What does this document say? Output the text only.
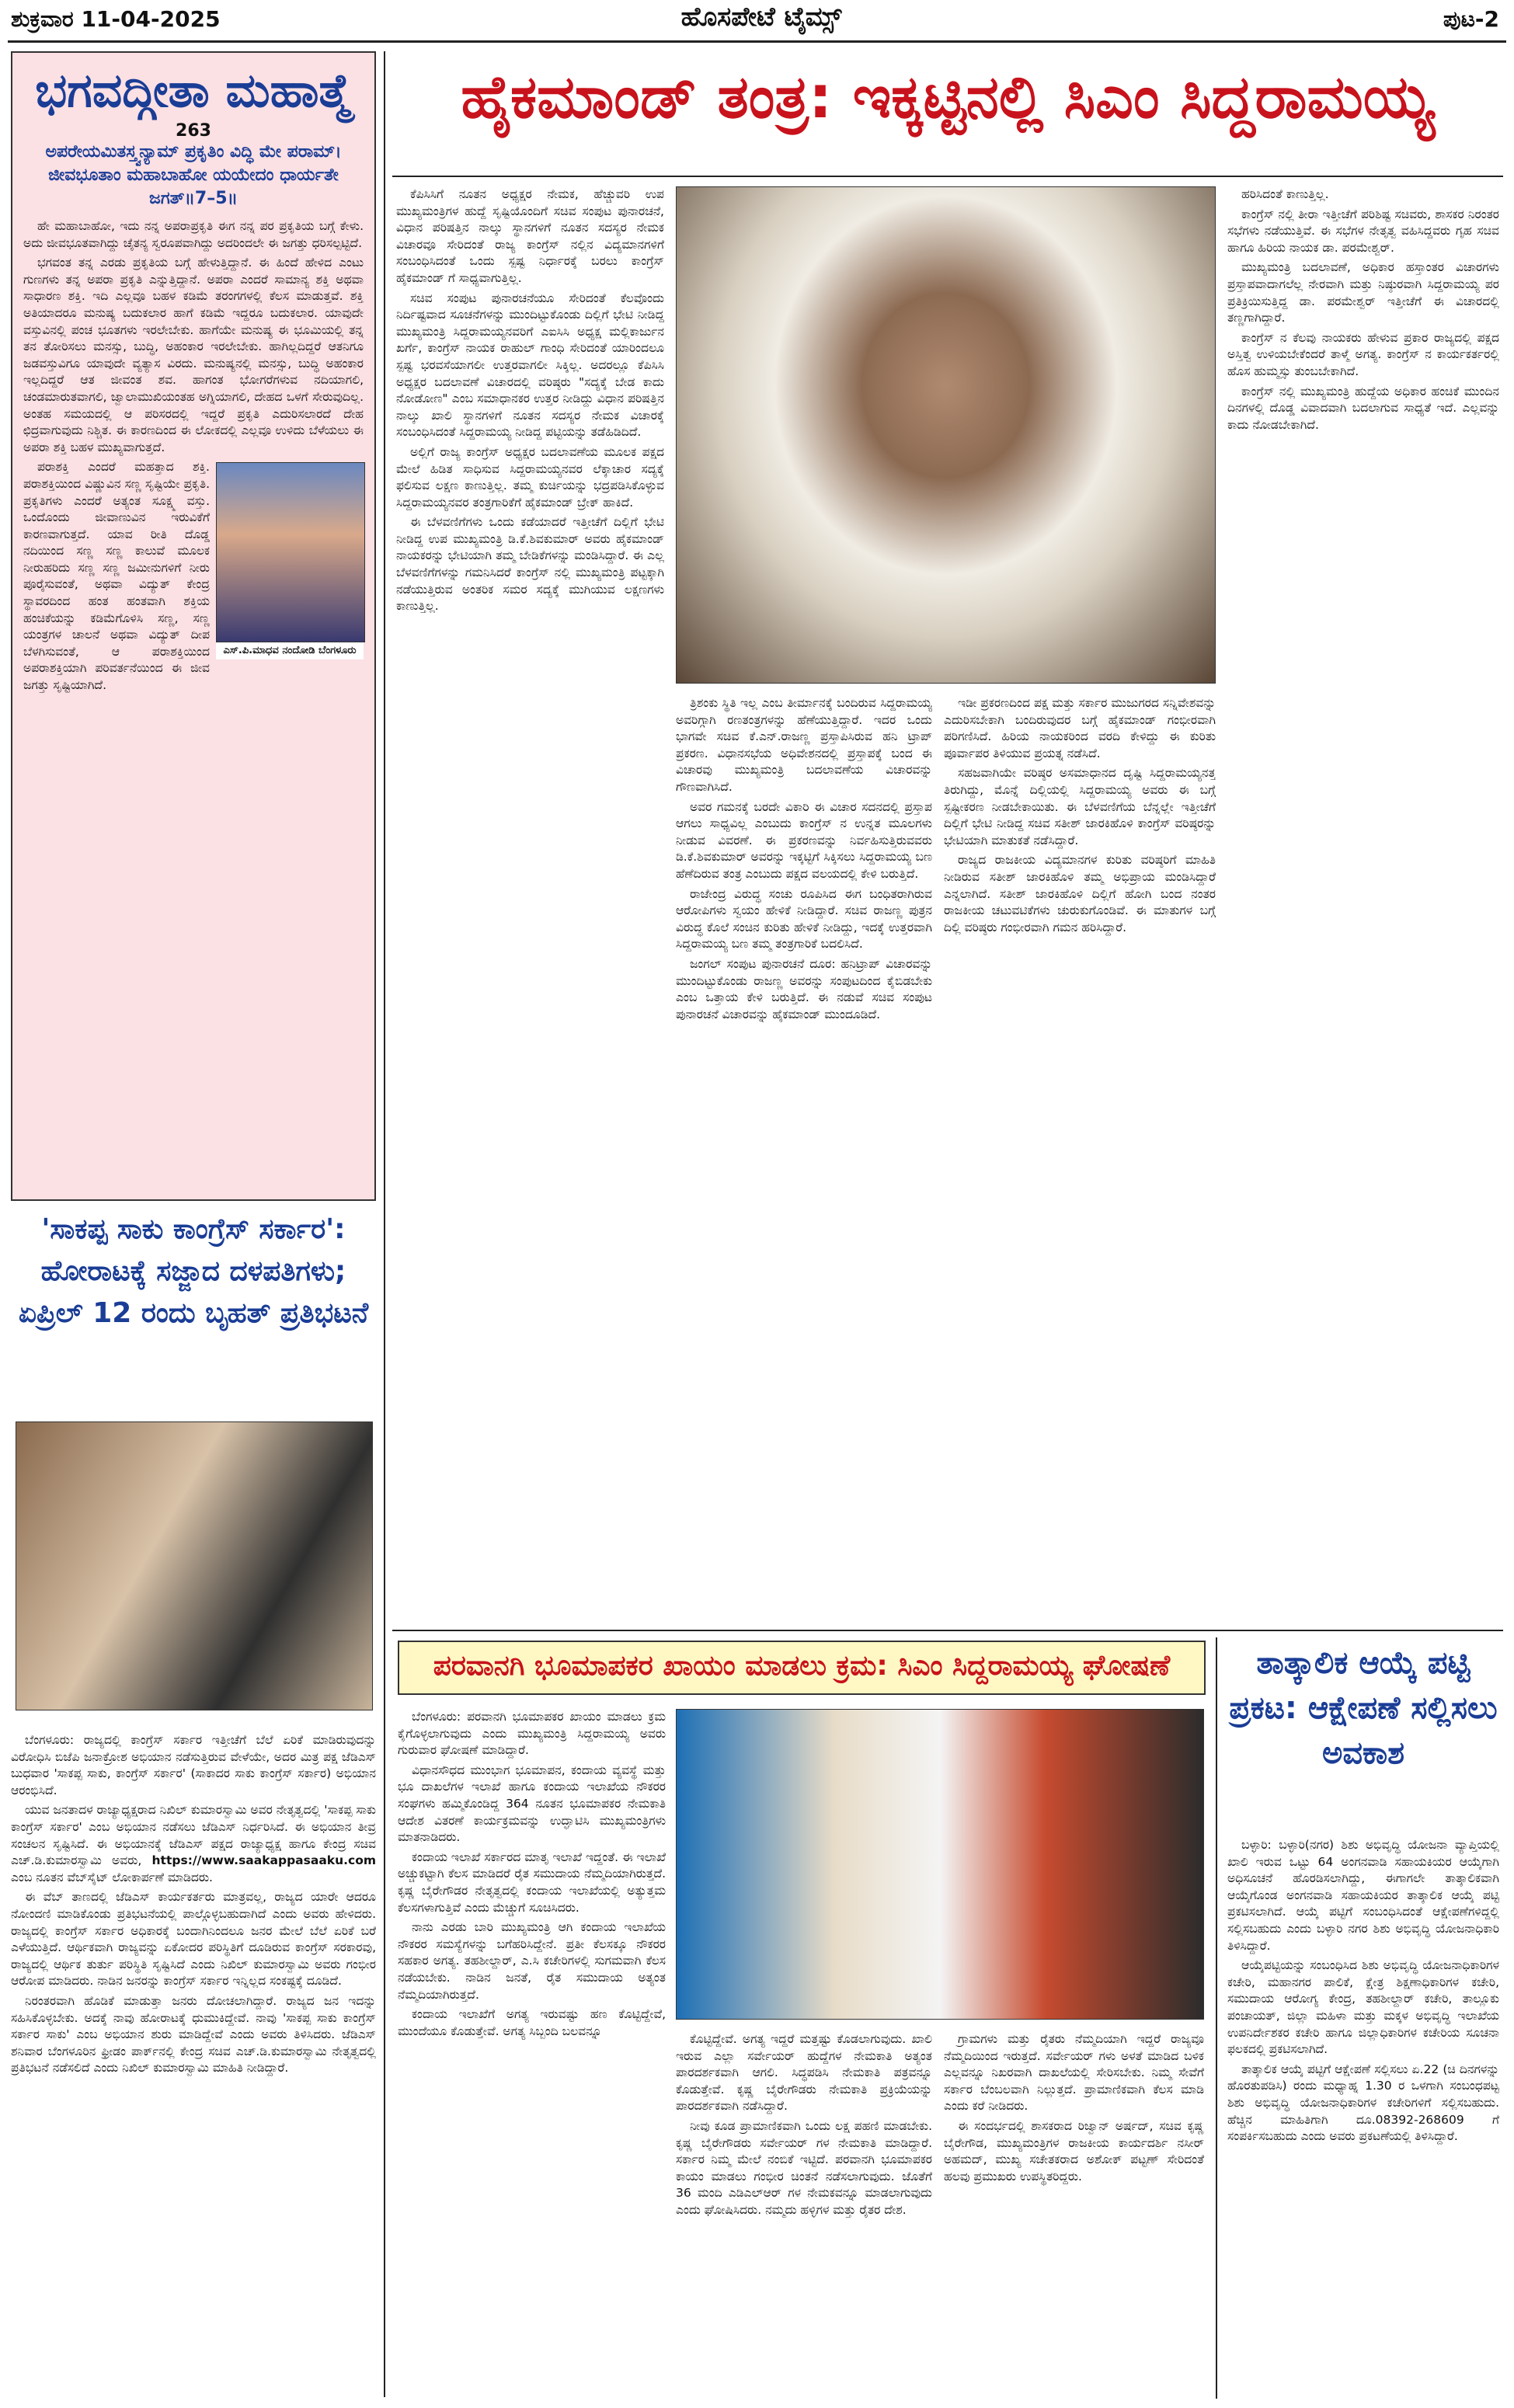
ಶುಕ್ರವಾರ 11-04-2025	ಹೊಸಪೇಟೆ ಟೈಮ್ಸ್	ಪುಟ-2
ಭಗವದ್ಗೀತಾ ಮಹಾತ್ಮೆ
263
ಅಪರೇಯಮಿತಸ್ತ್ವನ್ಯಾಮ್ ಪ್ರಕೃತಿಂ ವಿದ್ಧಿ ಮೇ ಪರಾಮ್। ಜೀವಭೂತಾಂ ಮಹಾಬಾಹೋ ಯಯೇದಂ ಧಾರ್ಯತೇ ಜಗತ್॥7–5॥

ಹೇ ಮಹಾಬಾಹೋ, ಇದು ನನ್ನ ಅಪರಾಪ್ರಕೃತಿ ಈಗ ನನ್ನ ಪರ ಪ್ರಕೃತಿಯ ಬಗ್ಗೆ ಕೇಳು. ಅದು ಜೀವಭೂತವಾಗಿದ್ದು ಚೈತನ್ಯ ಸ್ವರೂಪವಾಗಿದ್ದು ಅದರಿಂದಲೇ ಈ ಜಗತ್ತು ಧರಿಸಲ್ಪಟ್ಟಿದೆ.

ಭಗವಂತ ತನ್ನ ಎರಡು ಪ್ರಕೃತಿಯ ಬಗ್ಗೆ ಹೇಳುತ್ತಿದ್ದಾನೆ. ಈ ಹಿಂದೆ ಹೇಳಿದ ಎಂಟು ಗುಣಗಳು ತನ್ನ ಅಪರಾ ಪ್ರಕೃತಿ ಎನ್ನುತ್ತಿದ್ದಾನೆ. ಅಪರಾ ಎಂದರೆ ಸಾಮಾನ್ಯ ಶಕ್ತಿ ಅಥವಾ ಸಾಧಾರಣ ಶಕ್ತಿ. ಇದಿ ಎಲ್ಲವೂ ಬಹಳ ಕಡಿಮೆ ತರಂಗಗಳಲ್ಲಿ ಕೆಲಸ ಮಾಡುತ್ತವೆ. ಶಕ್ತಿ ಅತಿಯಾದರೂ ಮನುಷ್ಯ ಬದುಕಲಾರ ಹಾಗೆ ಕಡಿಮೆ ಇದ್ದರೂ ಬದುಕಲಾರ. ಯಾವುದೇ ವಸ್ತುವಿನಲ್ಲಿ ಪಂಚ ಭೂತಗಳು ಇರಲೇಬೇಕು. ಹಾಗೆಯೇ ಮನುಷ್ಯ ಈ ಭೂಮಿಯಲ್ಲಿ ತನ್ನ ತನ ತೋರಿಸಲು ಮನಸ್ಸು, ಬುದ್ಧಿ, ಅಹಂಕಾರ ಇರಲೇಬೇಕು. ಹಾಗಿಲ್ಲದಿದ್ದರೆ ಆತನಿಗೂ ಜಡವಸ್ತುವಿಗೂ ಯಾವುದೇ ವ್ಯತ್ಯಾಸ ವಿರದು. ಮನುಷ್ಯನಲ್ಲಿ ಮನಸ್ಸು, ಬುದ್ಧಿ ಅಹಂಕಾರ ಇಲ್ಲದಿದ್ದರೆ ಆತ ಜೀವಂತ ಶವ. ಹಾಗಂತ ಭೋಗರೆಗಳುವ ನದಿಯಾಗಲಿ, ಚಂಡಮಾರುತವಾಗಲಿ, ಜ್ವಾಲಾಮುಖಿಯಂತಹ ಅಗ್ನಿಯಾಗಲಿ, ದೇಹದ ಒಳಗೆ ಸೇರುವುದಿಲ್ಲ. ಅಂತಹ ಸಮಯದಲ್ಲಿ ಆ ಪರಿಸರದಲ್ಲಿ ಇದ್ದರೆ ಪ್ರಕೃತಿ ಎದುರಿಸಲಾರದೆ ದೇಹ ಛಿದ್ರವಾಗುವುದು ನಿಶ್ಚಿತ. ಈ ಕಾರಣದಿಂದ ಈ ಲೋಕದಲ್ಲಿ ಎಲ್ಲವೂ ಉಳಿದು ಬೆಳೆಯಲು ಈ ಅಪರಾ ಶಕ್ತಿ ಬಹಳ ಮುಖ್ಯವಾಗುತ್ತದೆ.

ಎಸ್.ಪಿ.ಮಾಧವ ನಂದೋಡಿ ಬೆಂಗಳೂರು

ಪರಾಶಕ್ತಿ ಎಂದರೆ ಮಹತ್ತಾದ ಶಕ್ತಿ. ಪರಾಶಕ್ತಿಯಿಂದ ವಿಷ್ಣುವಿನ ಸಣ್ಣ ಸೃಷ್ಟಿಯೇ ಪ್ರಕೃತಿ. ಪ್ರಕೃತಿಗಳು ಎಂದರೆ ಅತ್ಯಂತ ಸೂಕ್ಷ್ಮ ವಸ್ತು. ಒಂದೊಂದು ಜೀವಾಣುವಿನ ಇರುವಿಕೆಗೆ ಕಾರಣವಾಗುತ್ತದೆ. ಯಾವ ರೀತಿ ದೊಡ್ಡ ನದಿಯಿಂದ ಸಣ್ಣ ಸಣ್ಣ ಕಾಲುವೆ ಮೂಲಕ ನೀರುಹರಿದು ಸಣ್ಣ ಸಣ್ಣ ಜಮೀನುಗಳಿಗೆ ನೀರು ಪೂರೈಸುವಂತೆ, ಅಥವಾ ವಿದ್ಯುತ್ ಕೇಂದ್ರ ಸ್ಥಾವರದಿಂದ ಹಂತ ಹಂತವಾಗಿ ಶಕ್ತಿಯ ಹಂಚಿಕೆಯನ್ನು ಕಡಿಮೆಗೊಳಿಸಿ ಸಣ್ಣ, ಸಣ್ಣ ಯಂತ್ರಗಳ ಚಾಲನೆ ಅಥವಾ ವಿದ್ಯುತ್ ದೀಪ ಬೆಳಗಿಸುವಂತೆ, ಆ ಪರಾಶಕ್ತಿಯಿಂದ ಅಪರಾಶಕ್ತಿಯಾಗಿ ಪರಿವರ್ತನೆಯಿಂದ ಈ ಜೀವ ಜಗತ್ತು ಸೃಷ್ಟಿಯಾಗಿದೆ.

'ಸಾಕಪ್ಪ ಸಾಕು ಕಾಂಗ್ರೆಸ್ ಸರ್ಕಾರ': ಹೋರಾಟಕ್ಕೆ ಸಜ್ಜಾದ ದಳಪತಿಗಳು; ಏಪ್ರಿಲ್ 12 ರಂದು ಬೃಹತ್ ಪ್ರತಿಭಟನೆ

ಬೆಂಗಳೂರು: ರಾಜ್ಯದಲ್ಲಿ ಕಾಂಗ್ರೆಸ್ ಸರ್ಕಾರ ಇತ್ತೀಚೆಗೆ ಬೆಲೆ ಏರಿಕೆ ಮಾಡಿರುವುದನ್ನು ವಿರೋಧಿಸಿ ಬಿಜೆಪಿ ಜನಾಕ್ರೋಶ ಅಭಿಯಾನ ನಡೆಸುತ್ತಿರುವ ವೇಳೆಯೇ, ಅದರ ಮಿತ್ರ ಪಕ್ಷ ಜೆಡಿಎಸ್ ಬುಧವಾರ 'ಸಾಕಪ್ಪ ಸಾಕು, ಕಾಂಗ್ರೆಸ್ ಸರ್ಕಾರ' (ಸಾಕಾದರ ಸಾಕು ಕಾಂಗ್ರೆಸ್ ಸರ್ಕಾರ) ಅಭಿಯಾನ ಆರಂಭಿಸಿದೆ.

ಯುವ ಜನತಾದಳ ರಾಜ್ಯಾಧ್ಯಕ್ಷರಾದ ನಿಖಿಲ್ ಕುಮಾರಸ್ವಾಮಿ ಅವರ ನೇತೃತ್ವದಲ್ಲಿ 'ಸಾಕಪ್ಪ ಸಾಕು ಕಾಂಗ್ರೆಸ್ ಸರ್ಕಾರ' ಎಂಬ ಅಭಿಯಾನ ನಡೆಸಲು ಜೆಡಿಎಸ್ ನಿರ್ಧರಿಸಿದೆ. ಈ ಅಭಿಯಾನ ತೀವ್ರ ಸಂಚಲನ ಸೃಷ್ಟಿಸಿದೆ. ಈ ಅಭಿಯಾನಕ್ಕೆ ಜೆಡಿಎಸ್ ಪಕ್ಷದ ರಾಜ್ಯಾಧ್ಯಕ್ಷ ಹಾಗೂ ಕೇಂದ್ರ ಸಚಿವ ಎಚ್.ಡಿ.ಕುಮಾರಸ್ವಾಮಿ ಅವರು, https://www.saakappasaaku.com ಎಂಬ ನೂತನ ವೆಬ್‌ಸೈಟ್ ಲೋಕಾರ್ಪಣೆ ಮಾಡಿದರು.

ಈ ವೆಬ್ ತಾಣದಲ್ಲಿ ಜೆಡಿಎಸ್ ಕಾರ್ಯಕರ್ತರು ಮಾತ್ರವಲ್ಲ, ರಾಜ್ಯದ ಯಾರೇ ಆದರೂ ನೋಂದಣಿ ಮಾಡಿಕೊಂಡು ಪ್ರತಿಭಟನೆಯಲ್ಲಿ ಪಾಲ್ಗೊಳ್ಳಬಹುದಾಗಿದೆ ಎಂದು ಅವರು ಹೇಳಿದರು. ರಾಜ್ಯದಲ್ಲಿ ಕಾಂಗ್ರೆಸ್ ಸರ್ಕಾರ ಅಧಿಕಾರಕ್ಕೆ ಬಂದಾಗಿನಿಂದಲೂ ಜನರ ಮೇಲೆ ಬೆಲೆ ಏರಿಕೆ ಬರೆ ಎಳೆಯುತ್ತಿದೆ. ಆರ್ಥಿಕವಾಗಿ ರಾಜ್ಯವನ್ನು ಏಕೋದರ ಪರಿಸ್ಥಿತಿಗೆ ದೂಡಿರುವ ಕಾಂಗ್ರೆಸ್ ಸರಕಾರವು, ರಾಜ್ಯದಲ್ಲಿ ಆರ್ಥಿಕ ತುರ್ತು ಪರಿಸ್ಥಿತಿ ಸೃಷ್ಟಿಸಿದೆ ಎಂದು ನಿಖಿಲ್ ಕುಮಾರಸ್ವಾಮಿ ಅವರು ಗಂಭೀರ ಆರೋಪ ಮಾಡಿದರು. ನಾಡಿನ ಜನರನ್ನು ಕಾಂಗ್ರೆಸ್ ಸರ್ಕಾರ ಇನ್ನಿಲ್ಲದ ಸಂಕಷ್ಟಕ್ಕೆ ದೂಡಿದೆ.

ನಿರಂತರವಾಗಿ ಹೊಡಿಕೆ ಮಾಡುತ್ತಾ ಜನರು ದೋಚಲಾಗಿದ್ದಾರೆ. ರಾಜ್ಯದ ಜನ ಇದನ್ನು ಸಹಿಸಿಕೊಳ್ಳಬೇಕು. ಅದಕ್ಕೆ ನಾವು ಹೋರಾಟಕ್ಕೆ ಧುಮುಕಿದ್ದೇವೆ. ನಾವು 'ಸಾಕಪ್ಪ ಸಾಕು ಕಾಂಗ್ರೆಸ್ ಸರ್ಕಾರ ಸಾಕು' ಎಂಬ ಅಭಿಯಾನ ಶುರು ಮಾಡಿದ್ದೇವೆ ಎಂದು ಅವರು ತಿಳಿಸಿದರು. ಜೆಡಿಎಸ್ ಶನಿವಾರ ಬೆಂಗಳೂರಿನ ಫ್ರೀಡಂ ಪಾರ್ಕ್‌ನಲ್ಲಿ ಕೇಂದ್ರ ಸಚಿವ ಎಚ್.ಡಿ.ಕುಮಾರಸ್ವಾಮಿ ನೇತೃತ್ವದಲ್ಲಿ ಪ್ರತಿಭಟನೆ ನಡೆಸಲಿದೆ ಎಂದು ನಿಖಿಲ್ ಕುಮಾರಸ್ವಾಮಿ ಮಾಹಿತಿ ನೀಡಿದ್ದಾರೆ.

ಹೈಕಮಾಂಡ್ ತಂತ್ರ: ಇಕ್ಕಟ್ಟಿನಲ್ಲಿ ಸಿಎಂ ಸಿದ್ದರಾಮಯ್ಯ

ಕೆಪಿಸಿಸಿಗೆ ನೂತನ ಅಧ್ಯಕ್ಷರ ನೇಮಕ, ಹೆಚ್ಚುವರಿ ಉಪ ಮುಖ್ಯಮಂತ್ರಿಗಳ ಹುದ್ದೆ ಸೃಷ್ಟಿಯೊಂದಿಗೆ ಸಚಿವ ಸಂಪುಟ ಪುನಾರಚನೆ, ವಿಧಾನ ಪರಿಷತ್ತಿನ ನಾಲ್ಕು ಸ್ಥಾನಗಳಿಗೆ ನೂತನ ಸದಸ್ಯರ ನೇಮಕ ವಿಚಾರವೂ ಸೇರಿದಂತೆ ರಾಜ್ಯ ಕಾಂಗ್ರೆಸ್ ನಲ್ಲಿನ ವಿದ್ಯಮಾನಗಳಿಗೆ ಸಂಬಂಧಿಸಿದಂತೆ ಒಂದು ಸ್ಪಷ್ಟ ನಿರ್ಧಾರಕ್ಕೆ ಬರಲು ಕಾಂಗ್ರೆಸ್ ಹೈಕಮಾಂಡ್ ಗೆ ಸಾಧ್ಯವಾಗುತ್ತಿಲ್ಲ.

ಸಚಿವ ಸಂಪುಟ ಪುನಾರಚನೆಯೂ ಸೇರಿದಂತೆ ಕೆಲವೊಂದು ನಿರ್ದಿಷ್ಟವಾದ ಸೂಚನೆಗಳನ್ನು ಮುಂದಿಟ್ಟುಕೊಂಡು ದಿಲ್ಲಿಗೆ ಭೇಟಿ ನೀಡಿದ್ದ ಮುಖ್ಯಮಂತ್ರಿ ಸಿದ್ದರಾಮಯ್ಯನವರಿಗೆ ಎಐಸಿಸಿ ಅಧ್ಯಕ್ಷ ಮಲ್ಲಿಕಾರ್ಜುನ ಖರ್ಗೆ, ಕಾಂಗ್ರೆಸ್ ನಾಯಕ ರಾಹುಲ್ ಗಾಂಧಿ ಸೇರಿದಂತೆ ಯಾರಿಂದಲೂ ಸ್ಪಷ್ಟ ಭರವಸೆಯಾಗಲೀ ಉತ್ತರವಾಗಲೀ ಸಿಕ್ಕಿಲ್ಲ. ಅದರಲ್ಲೂ ಕೆಪಿಸಿಸಿ ಅಧ್ಯಕ್ಷರ ಬದಲಾವಣೆ ವಿಚಾರದಲ್ಲಿ ವರಿಷ್ಠರು "ಸದ್ಯಕ್ಕೆ ಬೇಡ ಕಾದು ನೋಡೋಣ" ಎಂಬ ಸಮಾಧಾನಕರ ಉತ್ತರ ನೀಡಿದ್ದು ವಿಧಾನ ಪರಿಷತ್ತಿನ ನಾಲ್ಕು ಖಾಲಿ ಸ್ಥಾನಗಳಿಗೆ ನೂತನ ಸದಸ್ಯರ ನೇಮಕ ವಿಚಾರಕ್ಕೆ ಸಂಬಂಧಿಸಿದಂತೆ ಸಿದ್ದರಾಮಯ್ಯ ನೀಡಿದ್ದ ಪಟ್ಟಿಯನ್ನು ತಡೆಹಿಡಿದಿದೆ.

ಅಲ್ಲಿಗೆ ರಾಜ್ಯ ಕಾಂಗ್ರೆಸ್ ಅಧ್ಯಕ್ಷರ ಬದಲಾವಣೆಯ ಮೂಲಕ ಪಕ್ಷದ ಮೇಲೆ ಹಿಡಿತ ಸಾಧಿಸುವ ಸಿದ್ದರಾಮಯ್ಯನವರ ಲೆಕ್ಕಾಚಾರ ಸದ್ಯಕ್ಕೆ ಫಲಿಸುವ ಲಕ್ಷಣ ಕಾಣುತ್ತಿಲ್ಲ. ತಮ್ಮ ಕುರ್ಚಿಯನ್ನು ಭದ್ರಪಡಿಸಿಕೊಳ್ಳುವ ಸಿದ್ದರಾಮಯ್ಯನವರ ತಂತ್ರಗಾರಿಕೆಗೆ ಹೈಕಮಾಂಡ್ ಬ್ರೇಕ್ ಹಾಕಿದೆ.

ಈ ಬೆಳವಣಿಗೆಗಳು ಒಂದು ಕಡೆಯಾದರೆ ಇತ್ತೀಚೆಗೆ ದಿಲ್ಲಿಗೆ ಭೇಟಿ ನೀಡಿದ್ದ ಉಪ ಮುಖ್ಯಮಂತ್ರಿ ಡಿ.ಕೆ.ಶಿವಕುಮಾರ್ ಅವರು ಹೈಕಮಾಂಡ್ ನಾಯಕರನ್ನು ಭೇಟಿಯಾಗಿ ತಮ್ಮ ಬೇಡಿಕೆಗಳನ್ನು ಮಂಡಿಸಿದ್ದಾರೆ. ಈ ಎಲ್ಲ ಬೆಳವಣಿಗೆಗಳನ್ನು ಗಮನಿಸಿದರೆ ಕಾಂಗ್ರೆಸ್ ನಲ್ಲಿ ಮುಖ್ಯಮಂತ್ರಿ ಪಟ್ಟಕ್ಕಾಗಿ ನಡೆಯುತ್ತಿರುವ ಅಂತರಿಕ ಸಮರ ಸದ್ಯಕ್ಕೆ ಮುಗಿಯುವ ಲಕ್ಷಣಗಳು ಕಾಣುತ್ತಿಲ್ಲ.

ತ್ರಿಶಂಕು ಸ್ಥಿತಿ ಇಲ್ಲ ಎಂಬ ತೀರ್ಮಾನಕ್ಕೆ ಬಂದಿರುವ ಸಿದ್ದರಾಮಯ್ಯ ಅವರಿಗ್ಗಾಗಿ ರಣತಂತ್ರಗಳನ್ನು ಹೆಣೆಯುತ್ತಿದ್ದಾರೆ. ಇದರ ಒಂದು ಭಾಗವೇ ಸಚಿವ ಕೆ.ಎನ್.ರಾಜಣ್ಣ ಪ್ರಸ್ತಾಪಿಸಿರುವ ಹನಿ ಟ್ರಾಪ್ ಪ್ರಕರಣ. ವಿಧಾನಸಭೆಯ ಅಧಿವೇಶನದಲ್ಲಿ ಪ್ರಸ್ತಾಪಕ್ಕೆ ಬಂದ ಈ ವಿಚಾರವು ಮುಖ್ಯಮಂತ್ರಿ ಬದಲಾವಣೆಯ ವಿಚಾರವನ್ನು ಗೌಣವಾಗಿಸಿದೆ.

ಅವರ ಗಮನಕ್ಕೆ ಬರದೇ ವಿಕಾರಿ ಈ ವಿಚಾರ ಸದನದಲ್ಲಿ ಪ್ರಸ್ತಾಪ ಆಗಲು ಸಾಧ್ಯವಿಲ್ಲ ಎಂಬುದು ಕಾಂಗ್ರೆಸ್ ನ ಉನ್ನತ ಮೂಲಗಳು ನೀಡುವ ವಿವರಣೆ. ಈ ಪ್ರಕರಣವನ್ನು ನಿರ್ವಹಿಸುತ್ತಿರುವವರು ಡಿ.ಕೆ.ಶಿವಕುಮಾರ್ ಅವರನ್ನು ಇಕ್ಕಟ್ಟಿಗೆ ಸಿಕ್ಕಿಸಲು ಸಿದ್ದರಾಮಯ್ಯ ಬಣ ಹೆಣೆದಿರುವ ತಂತ್ರ ಎಂಬುದು ಪಕ್ಷದ ವಲಯದಲ್ಲಿ ಕೇಳಿ ಬರುತ್ತಿದೆ.

ರಾಜೇಂದ್ರ ವಿರುದ್ಧ ಸಂಚು ರೂಪಿಸಿದ ಈಗ ಬಂಧಿತರಾಗಿರುವ ಆರೋಪಿಗಳು ಸ್ವಯಂ ಹೇಳಿಕೆ ನೀಡಿದ್ದಾರೆ. ಸಚಿವ ರಾಜಣ್ಣ ಪುತ್ರನ ವಿರುದ್ಧ ಕೊಲೆ ಸಂಚಿನ ಕುರಿತು ಹೇಳಿಕೆ ನೀಡಿದ್ದು, ಇದಕ್ಕೆ ಉತ್ತರವಾಗಿ ಸಿದ್ದರಾಮಯ್ಯ ಬಣ ತಮ್ಮ ತಂತ್ರಗಾರಿಕೆ ಬದಲಿಸಿದೆ.

ಜಂಗಲ್ ಸಂಪುಟ ಪುನಾರಚನೆ ದೂರ: ಹನಿಟ್ರಾಪ್ ವಿಚಾರವನ್ನು ಮುಂದಿಟ್ಟುಕೊಂಡು ರಾಜಣ್ಣ ಅವರನ್ನು ಸಂಪುಟದಿಂದ ಕೈಬಿಡಬೇಕು ಎಂಬ ಒತ್ತಾಯ ಕೇಳಿ ಬರುತ್ತಿದೆ. ಈ ನಡುವೆ ಸಚಿವ ಸಂಪುಟ ಪುನಾರಚನೆ ವಿಚಾರವನ್ನು ಹೈಕಮಾಂಡ್ ಮುಂದೂಡಿದೆ.

ಇಡೀ ಪ್ರಕರಣದಿಂದ ಪಕ್ಷ ಮತ್ತು ಸರ್ಕಾರ ಮುಜುಗರದ ಸನ್ನಿವೇಶವನ್ನು ಎದುರಿಸಬೇಕಾಗಿ ಬಂದಿರುವುದರ ಬಗ್ಗೆ ಹೈಕಮಾಂಡ್ ಗಂಭೀರವಾಗಿ ಪರಿಗಣಿಸಿದೆ. ಹಿರಿಯ ನಾಯಕರಿಂದ ವರದಿ ಕೇಳಿದ್ದು ಈ ಕುರಿತು ಪೂರ್ವಾಪರ ತಿಳಿಯುವ ಪ್ರಯತ್ನ ನಡೆಸಿದೆ.

ಸಹಜವಾಗಿಯೇ ವರಿಷ್ಠರ ಅಸಮಾಧಾನದ ದೃಷ್ಟಿ ಸಿದ್ದರಾಮಯ್ಯನತ್ತ ತಿರುಗಿದ್ದು, ಮೊನ್ನೆ ದಿಲ್ಲಿಯಲ್ಲಿ ಸಿದ್ದರಾಮಯ್ಯ ಅವರು ಈ ಬಗ್ಗೆ ಸ್ಪಷ್ಟೀಕರಣ ನೀಡಬೇಕಾಯಿತು. ಈ ಬೆಳವಣಿಗೆಯ ಬೆನ್ನಲ್ಲೇ ಇತ್ತೀಚೆಗೆ ದಿಲ್ಲಿಗೆ ಭೇಟಿ ನೀಡಿದ್ದ ಸಚಿವ ಸತೀಶ್ ಜಾರಕಿಹೊಳಿ ಕಾಂಗ್ರೆಸ್ ವರಿಷ್ಠರನ್ನು ಭೇಟಿಯಾಗಿ ಮಾತುಕತೆ ನಡೆಸಿದ್ದಾರೆ.

ರಾಜ್ಯದ ರಾಜಕೀಯ ವಿದ್ಯಮಾನಗಳ ಕುರಿತು ವರಿಷ್ಠರಿಗೆ ಮಾಹಿತಿ ನೀಡಿರುವ ಸತೀಶ್ ಜಾರಕಿಹೊಳಿ ತಮ್ಮ ಅಭಿಪ್ರಾಯ ಮಂಡಿಸಿದ್ದಾರೆ ಎನ್ನಲಾಗಿದೆ. ಸತೀಶ್ ಜಾರಕಿಹೊಳಿ ದಿಲ್ಲಿಗೆ ಹೋಗಿ ಬಂದ ನಂತರ ರಾಜಕೀಯ ಚಟುವಟಿಕೆಗಳು ಚುರುಕುಗೊಂಡಿವೆ. ಈ ಮಾತುಗಳ ಬಗ್ಗೆ ದಿಲ್ಲಿ ವರಿಷ್ಠರು ಗಂಭೀರವಾಗಿ ಗಮನ ಹರಿಸಿದ್ದಾರೆ.

ಹರಿಸಿದಂತೆ ಕಾಣುತ್ತಿಲ್ಲ.

ಕಾಂಗ್ರೆಸ್ ನಲ್ಲಿ ತೀರಾ ಇತ್ತೀಚೆಗೆ ಪರಿಶಿಷ್ಟ ಸಚಿವರು, ಶಾಸಕರ ನಿರಂತರ ಸಭೆಗಳು ನಡೆಯುತ್ತಿವೆ. ಈ ಸಭೆಗಳ ನೇತೃತ್ವ ವಹಿಸಿದ್ದವರು ಗೃಹ ಸಚಿವ ಹಾಗೂ ಹಿರಿಯ ನಾಯಕ ಡಾ. ಪರಮೇಶ್ವರ್.

ಮುಖ್ಯಮಂತ್ರಿ ಬದಲಾವಣೆ, ಅಧಿಕಾರ ಹಸ್ತಾಂತರ ವಿಚಾರಗಳು ಪ್ರಸ್ತಾಪವಾದಾಗಲೆಲ್ಲ ನೇರವಾಗಿ ಮತ್ತು ನಿಷ್ಠುರವಾಗಿ ಸಿದ್ದರಾಮಯ್ಯ ಪರ ಪ್ರತಿಕ್ರಿಯಿಸುತ್ತಿದ್ದ ಡಾ. ಪರಮೇಶ್ವರ್ ಇತ್ತೀಚೆಗೆ ಈ ವಿಚಾರದಲ್ಲಿ ತಣ್ಣಗಾಗಿದ್ದಾರೆ.

ಕಾಂಗ್ರೆಸ್ ನ ಕೆಲವು ನಾಯಕರು ಹೇಳುವ ಪ್ರಕಾರ ರಾಜ್ಯದಲ್ಲಿ ಪಕ್ಷದ ಅಸ್ತಿತ್ವ ಉಳಿಯಬೇಕೆಂದರೆ ತಾಳ್ಮೆ ಅಗತ್ಯ. ಕಾಂಗ್ರೆಸ್ ನ ಕಾರ್ಯಕರ್ತರಲ್ಲಿ ಹೊಸ ಹುಮ್ಮಸ್ಸು ತುಂಬಬೇಕಾಗಿದೆ.

ಕಾಂಗ್ರೆಸ್ ನಲ್ಲಿ ಮುಖ್ಯಮಂತ್ರಿ ಹುದ್ದೆಯ ಅಧಿಕಾರ ಹಂಚಿಕೆ ಮುಂದಿನ ದಿನಗಳಲ್ಲಿ ದೊಡ್ಡ ವಿವಾದವಾಗಿ ಬದಲಾಗುವ ಸಾಧ್ಯತೆ ಇದೆ. ಎಲ್ಲವನ್ನು ಕಾದು ನೋಡಬೇಕಾಗಿದೆ.

ಪರವಾನಗಿ ಭೂಮಾಪಕರ ಖಾಯಂ ಮಾಡಲು ಕ್ರಮ: ಸಿಎಂ ಸಿದ್ದರಾಮಯ್ಯ ಘೋಷಣೆ

ಬೆಂಗಳೂರು: ಪರವಾನಗಿ ಭೂಮಾಪಕರ ಖಾಯಂ ಮಾಡಲು ಕ್ರಮ ಕೈಗೊಳ್ಳಲಾಗುವುದು ಎಂದು ಮುಖ್ಯಮಂತ್ರಿ ಸಿದ್ದರಾಮಯ್ಯ ಅವರು ಗುರುವಾರ ಘೋಷಣೆ ಮಾಡಿದ್ದಾರೆ.

ವಿಧಾನಸೌಧದ ಮುಂಭಾಗ ಭೂಮಾಪನ, ಕಂದಾಯ ವ್ಯವಸ್ಥೆ ಮತ್ತು ಭೂ ದಾಖಲೆಗಳ ಇಲಾಖೆ ಹಾಗೂ ಕಂದಾಯ ಇಲಾಖೆಯ ನೌಕರರ ಸಂಘಗಳು ಹಮ್ಮಿಕೊಂಡಿದ್ದ 364 ನೂತನ ಭೂಮಾಪಕರ ನೇಮಕಾತಿ ಆದೇಶ ವಿತರಣೆ ಕಾರ್ಯಕ್ರಮವನ್ನು ಉದ್ಘಾಟಿಸಿ ಮುಖ್ಯಮಂತ್ರಿಗಳು ಮಾತನಾಡಿದರು.

ಕಂದಾಯ ಇಲಾಖೆ ಸರ್ಕಾರದ ಮಾತೃ ಇಲಾಖೆ ಇದ್ದಂತೆ. ಈ ಇಲಾಖೆ ಅಚ್ಚುಕಟ್ಟಾಗಿ ಕೆಲಸ ಮಾಡಿದರೆ ರೈತ ಸಮುದಾಯ ನೆಮ್ಮದಿಯಾಗಿರುತ್ತದೆ. ಕೃಷ್ಣ ಬೈರೇಗೌಡರ ನೇತೃತ್ವದಲ್ಲಿ ಕಂದಾಯ ಇಲಾಖೆಯಲ್ಲಿ ಅತ್ಯುತ್ತಮ ಕೆಲಸಗಳಾಗುತ್ತಿವೆ ಎಂದು ಮೆಚ್ಚುಗೆ ಸೂಚಿಸಿದರು.

ನಾನು ಎರಡು ಬಾರಿ ಮುಖ್ಯಮಂತ್ರಿ ಆಗಿ ಕಂದಾಯ ಇಲಾಖೆಯ ನೌಕರರ ಸಮಸ್ಯೆಗಳನ್ನು ಬಗೆಹರಿಸಿದ್ದೇನೆ. ಪ್ರತೀ ಕೆಲಸಕ್ಕೂ ನೌಕರರ ಸಹಕಾರ ಅಗತ್ಯ. ತಹಶೀಲ್ದಾರ್, ಎ.ಸಿ ಕಚೇರಿಗಳಲ್ಲಿ ಸುಗಮವಾಗಿ ಕೆಲಸ ನಡೆಯಬೇಕು. ನಾಡಿನ ಜನತೆ, ರೈತ ಸಮುದಾಯ ಅತ್ಯಂತ ನೆಮ್ಮದಿಯಾಗಿರುತ್ತದೆ.

ಕಂದಾಯ ಇಲಾಖೆಗೆ ಅಗತ್ಯ ಇರುವಷ್ಟು ಹಣ ಕೊಟ್ಟಿದ್ದೇವೆ, ಮುಂದೆಯೂ ಕೊಡುತ್ತೇವೆ. ಅಗತ್ಯ ಸಿಬ್ಬಂದಿ ಬಲವನ್ನೂ

ಕೊಟ್ಟಿದ್ದೇವೆ. ಅಗತ್ಯ ಇದ್ದರೆ ಮತ್ತಷ್ಟು ಕೊಡಲಾಗುವುದು. ಖಾಲಿ ಇರುವ ಎಲ್ಲಾ ಸರ್ವೇಯರ್ ಹುದ್ದೆಗಳ ನೇಮಕಾತಿ ಅತ್ಯಂತ ಪಾರದರ್ಶಕವಾಗಿ ಆಗಲಿ. ಸಿದ್ಧಪಡಿಸಿ ನೇಮಕಾತಿ ಪತ್ರವನ್ನೂ ಕೊಡುತ್ತೇವೆ. ಕೃಷ್ಣ ಬೈರೇಗೌಡರು ನೇಮಕಾತಿ ಪ್ರಕ್ರಿಯೆಯನ್ನು ಪಾರದರ್ಶಕವಾಗಿ ನಡೆಸಿದ್ದಾರೆ.

ನೀವು ಕೂಡ ಪ್ರಾಮಾಣಿಕವಾಗಿ ಒಂದು ಲಕ್ಷ ಪಹಣಿ ಮಾಡಬೇಕು. ಕೃಷ್ಣ ಬೈರೇಗೌಡರು ಸರ್ವೇಯರ್ ಗಳ ನೇಮಕಾತಿ ಮಾಡಿದ್ದಾರೆ. ಸರ್ಕಾರ ನಿಮ್ಮ ಮೇಲೆ ನಂಬಿಕೆ ಇಟ್ಟಿದೆ. ಪರವಾನಗಿ ಭೂಮಾಪಕರ ಕಾಯಂ ಮಾಡಲು ಗಂಭೀರ ಚಿಂತನೆ ನಡೆಸಲಾಗುವುದು. ಜೊತೆಗೆ 36 ಮಂದಿ ಎಡಿಎಲ್ಆರ್ ಗಳ ನೇಮಕವನ್ನೂ ಮಾಡಲಾಗುವುದು ಎಂದು ಘೋಷಿಸಿದರು. ನಮ್ಮದು ಹಳ್ಳಿಗಳ ಮತ್ತು ರೈತರ ದೇಶ.

ಗ್ರಾಮಗಳು ಮತ್ತು ರೈತರು ನೆಮ್ಮದಿಯಾಗಿ ಇದ್ದರೆ ರಾಜ್ಯವೂ ನೆಮ್ಮದಿಯಿಂದ ಇರುತ್ತದೆ. ಸರ್ವೇಯರ್ ಗಳು ಅಳತೆ ಮಾಡಿದ ಬಳಿಕ ಎಲ್ಲವನ್ನೂ ನಿಖರವಾಗಿ ದಾಖಲೆಯಲ್ಲಿ ಸೇರಿಸಬೇಕು. ನಿಮ್ಮ ಸೇವೆಗೆ ಸರ್ಕಾರ ಬೆಂಬಲವಾಗಿ ನಿಲ್ಲುತ್ತದೆ. ಪ್ರಾಮಾಣಿಕವಾಗಿ ಕೆಲಸ ಮಾಡಿ ಎಂದು ಕರೆ ನೀಡಿದರು.

ಈ ಸಂದರ್ಭದಲ್ಲಿ ಶಾಸಕರಾದ ರಿಜ್ವಾನ್ ಅರ್ಷದ್, ಸಚಿವ ಕೃಷ್ಣ ಬೈರೇಗೌಡ, ಮುಖ್ಯಮಂತ್ರಿಗಳ ರಾಜಕೀಯ ಕಾರ್ಯದರ್ಶಿ ನಸೀರ್ ಅಹಮದ್, ಮುಖ್ಯ ಸಚೇತಕರಾದ ಅಶೋಕ್ ಪಟ್ಟಣ್ ಸೇರಿದಂತೆ ಹಲವು ಪ್ರಮುಖರು ಉಪಸ್ಥಿತರಿದ್ದರು.

ತಾತ್ಕಾಲಿಕ ಆಯ್ಕೆ ಪಟ್ಟಿ ಪ್ರಕಟ: ಆಕ್ಷೇಪಣೆ ಸಲ್ಲಿಸಲು ಅವಕಾಶ

ಬಳ್ಳಾರಿ: ಬಳ್ಳಾರಿ(ನಗರ) ಶಿಶು ಅಭಿವೃದ್ಧಿ ಯೋಜನಾ ವ್ಯಾಪ್ತಿಯಲ್ಲಿ ಖಾಲಿ ಇರುವ ಒಟ್ಟು 64 ಅಂಗನವಾಡಿ ಸಹಾಯಕಿಯರ ಆಯ್ಕೆಗಾಗಿ ಅಧಿಸೂಚನೆ ಹೊರಡಿಸಲಾಗಿದ್ದು, ಈಗಾಗಲೇ ತಾತ್ಕಾಲಿಕವಾಗಿ ಆಯ್ಕೆಗೊಂಡ ಅಂಗನವಾಡಿ ಸಹಾಯಕಿಯರ ತಾತ್ಕಾಲಿಕ ಆಯ್ಕೆ ಪಟ್ಟಿ ಪ್ರಕಟಿಸಲಾಗಿದೆ. ಆಯ್ಕೆ ಪಟ್ಟಿಗೆ ಸಂಬಂಧಿಸಿದಂತೆ ಆಕ್ಷೇಪಣೆಗಳಿದ್ದಲ್ಲಿ ಸಲ್ಲಿಸಬಹುದು ಎಂದು ಬಳ್ಳಾರಿ ನಗರ ಶಿಶು ಅಭಿವೃದ್ಧಿ ಯೋಜನಾಧಿಕಾರಿ ತಿಳಿಸಿದ್ದಾರೆ.

ಆಯ್ಕೆಪಟ್ಟಿಯನ್ನು ಸಂಬಂಧಿಸಿದ ಶಿಶು ಅಭಿವೃದ್ಧಿ ಯೋಜನಾಧಿಕಾರಿಗಳ ಕಚೇರಿ, ಮಹಾನಗರ ಪಾಲಿಕೆ, ಕ್ಷೇತ್ರ ಶಿಕ್ಷಣಾಧಿಕಾರಿಗಳ ಕಚೇರಿ, ಸಮುದಾಯ ಆರೋಗ್ಯ ಕೇಂದ್ರ, ತಹಶೀಲ್ದಾರ್ ಕಚೇರಿ, ತಾಲ್ಲೂಕು ಪಂಚಾಯತ್, ಜಿಲ್ಲಾ ಮಹಿಳಾ ಮತ್ತು ಮಕ್ಕಳ ಅಭಿವೃದ್ಧಿ ಇಲಾಖೆಯ ಉಪನಿರ್ದೇಶಕರ ಕಚೇರಿ ಹಾಗೂ ಜಿಲ್ಲಾಧಿಕಾರಿಗಳ ಕಚೇರಿಯ ಸೂಚನಾ ಫಲಕದಲ್ಲಿ ಪ್ರಕಟಿಸಲಾಗಿದೆ.

ತಾತ್ಕಾಲಿಕ ಆಯ್ಕೆ ಪಟ್ಟಿಗೆ ಆಕ್ಷೇಪಣೆ ಸಲ್ಲಿಸಲು ಏ.22 (ಚಿ ದಿನಗಳನ್ನು ಹೊರತುಪಡಿಸಿ) ರಂದು ಮಧ್ಯಾಹ್ನ 1.30 ರ ಒಳಗಾಗಿ ಸಂಬಂಧಪಟ್ಟ ಶಿಶು ಅಭಿವೃದ್ಧಿ ಯೋಜನಾಧಿಕಾರಿಗಳ ಕಚೇರಿಗಳಿಗೆ ಸಲ್ಲಿಸಬಹುದು. ಹೆಚ್ಚಿನ ಮಾಹಿತಿಗಾಗಿ ದೂ.08392-268609 ಗೆ ಸಂಪರ್ಕಿಸಬಹುದು ಎಂದು ಅವರು ಪ್ರಕಟಣೆಯಲ್ಲಿ ತಿಳಿಸಿದ್ದಾರೆ.
